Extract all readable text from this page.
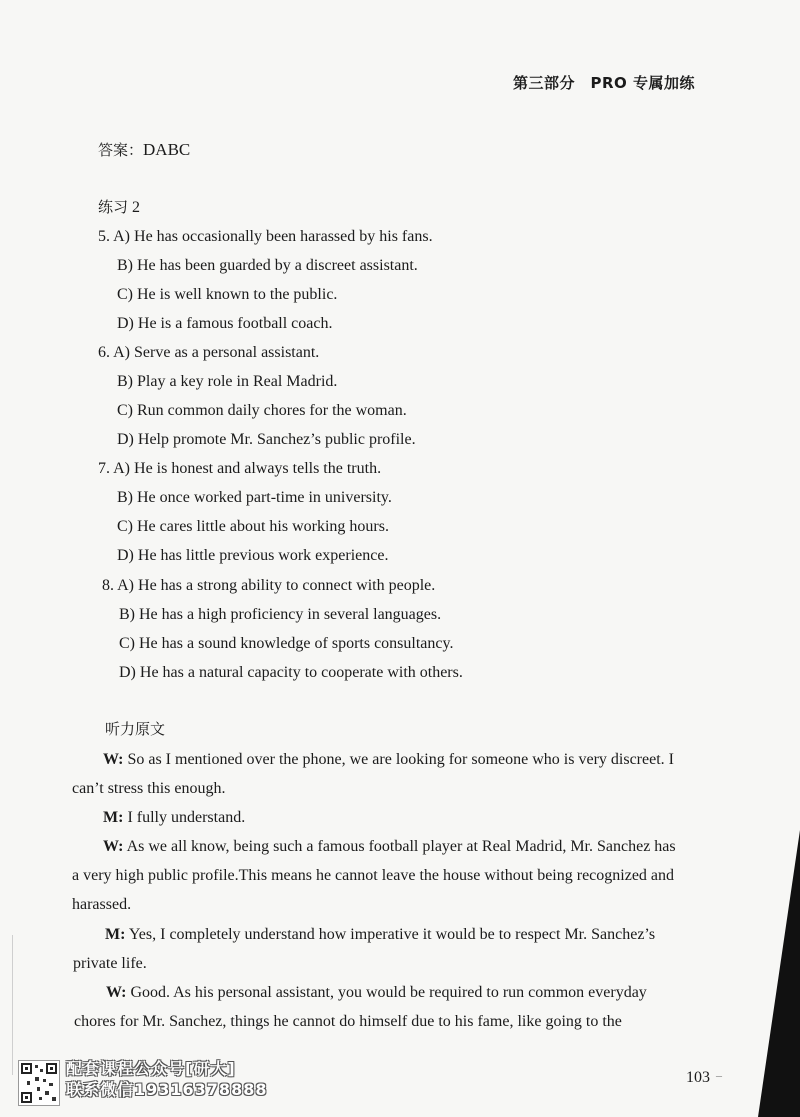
第三部分　PRO 专属加练
答案：DABC
练习 2
5. A) He has occasionally been harassed by his fans.
B) He has been guarded by a discreet assistant.
C) He is well known to the public.
D) He is a famous football coach.
6. A) Serve as a personal assistant.
B) Play a key role in Real Madrid.
C) Run common daily chores for the woman.
D) Help promote Mr. Sanchez’s public profile.
7. A) He is honest and always tells the truth.
B) He once worked part-time in university.
C) He cares little about his working hours.
D) He has little previous work experience.
8. A) He has a strong ability to connect with people.
B) He has a high proficiency in several languages.
C) He has a sound knowledge of sports consultancy.
D) He has a natural capacity to cooperate with others.
听力原文
W: So as I mentioned over the phone, we are looking for someone who is very discreet. I
can’t stress this enough.
M: I fully understand.
W: As we all know, being such a famous football player at Real Madrid, Mr. Sanchez has
a very high public profile.This means he cannot leave the house without being recognized and
harassed.
M: Yes, I completely understand how imperative it would be to respect Mr. Sanchez’s
private life.
W: Good. As his personal assistant, you would be required to run common everyday
chores for Mr. Sanchez, things he cannot do himself due to his fame, like going to the
103 –
配套课程公众号[研大]
联系微信19316378888
